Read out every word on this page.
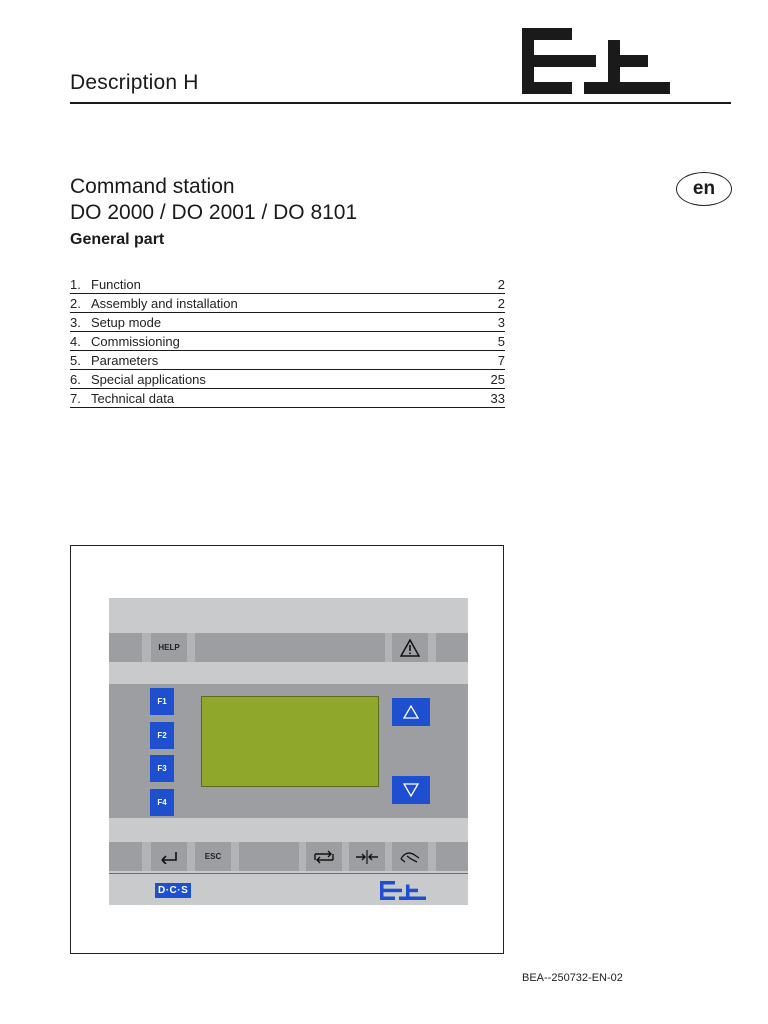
Description H
Command station
DO 2000 / DO 2001 / DO 8101
General part
en
1. Function	2
2. Assembly and installation	2
3. Setup mode	3
4. Commissioning	5
5. Parameters	7
6. Special applications	25
7. Technical data	33
HELP
F1
F2
F3
F4
ESC
D·C·S
BEA--250732-EN-02
